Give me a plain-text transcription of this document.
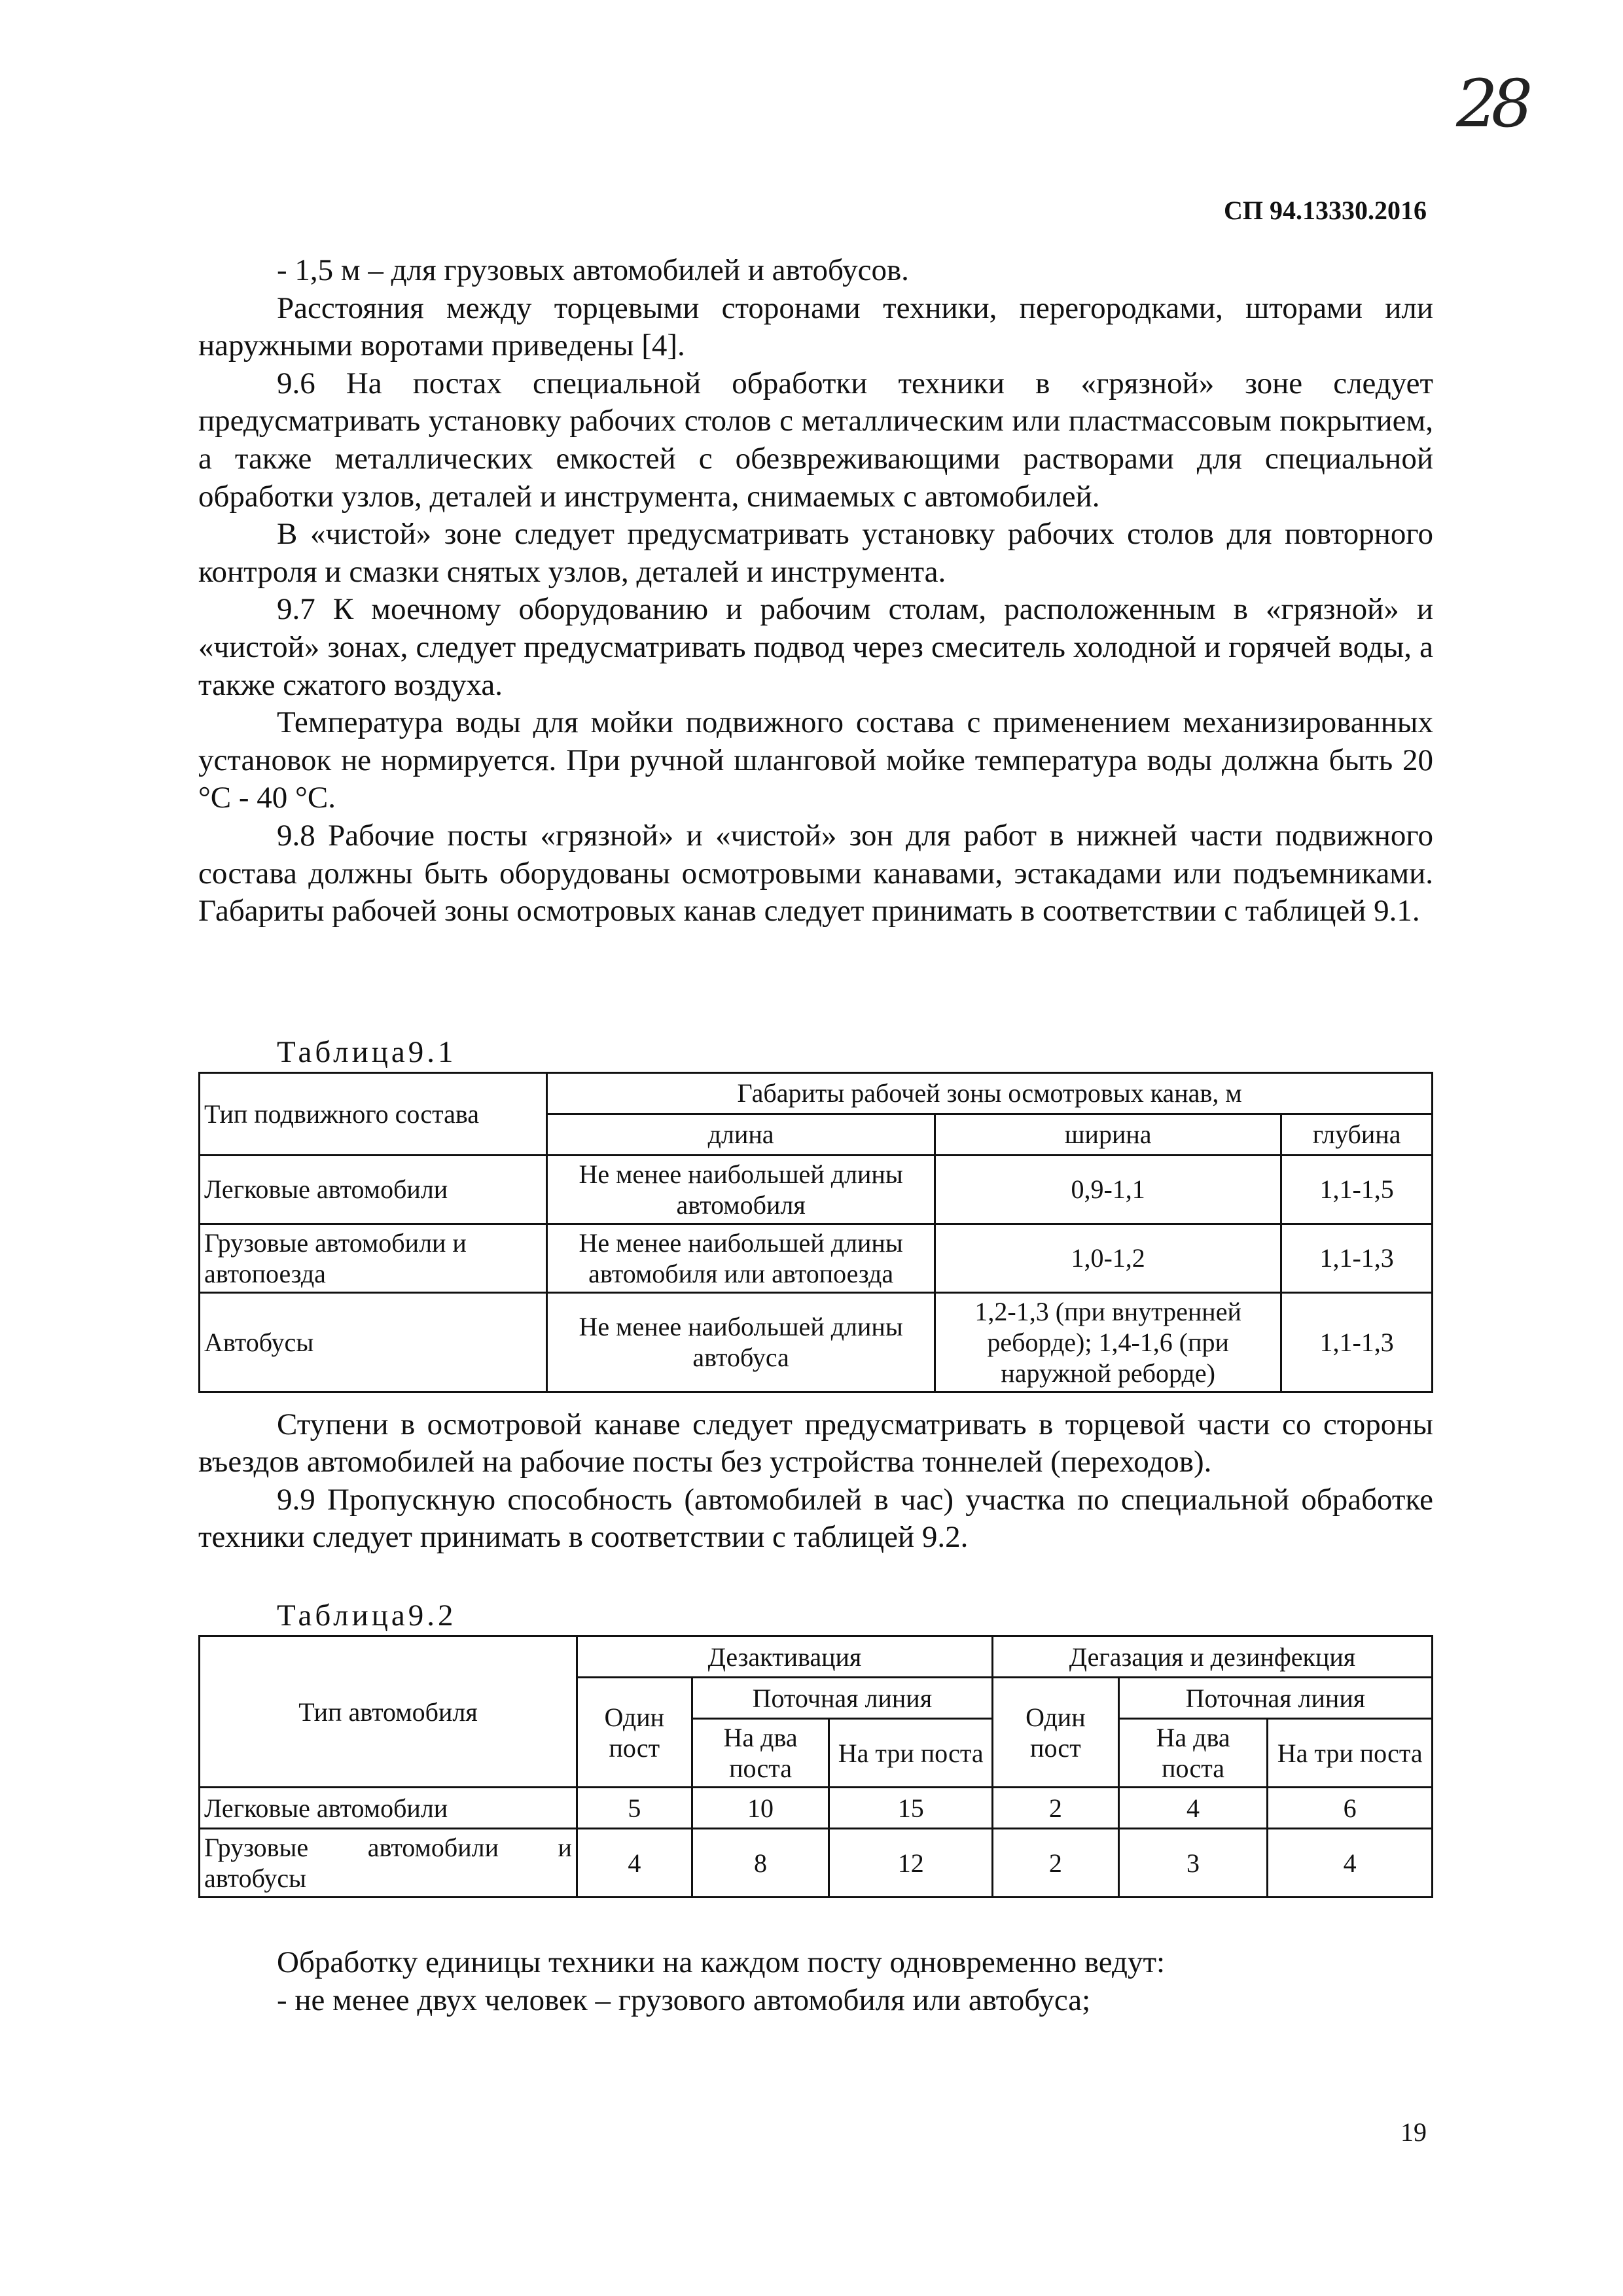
28
СП 94.13330.2016

- 1,5 м – для грузовых автомобилей и автобусов.

Расстояния между торцевыми сторонами техники, перегородками, шторами или наружными воротами приведены [4].

9.6 На постах специальной обработки техники в «грязной» зоне следует предусматривать установку рабочих столов с металлическим или пластмассовым покрытием, а также металлических емкостей с обезвреживающими растворами для специальной обработки узлов, деталей и инструмента, снимаемых с автомобилей.

В «чистой» зоне следует предусматривать установку рабочих столов для повторного контроля и смазки снятых узлов, деталей и инструмента.

9.7 К моечному оборудованию и рабочим столам, расположенным в «грязной» и «чистой» зонах, следует предусматривать подвод через смеситель холодной и горячей воды, а также сжатого воздуха.

Температура воды для мойки подвижного состава с применением механизированных установок не нормируется. При ручной шланговой мойке температура воды должна быть 20 °С - 40 °С.

9.8 Рабочие посты «грязной» и «чистой» зон для работ в нижней части подвижного состава должны быть оборудованы осмотровыми канавами, эстакадами или подъемниками. Габариты рабочей зоны осмотровых канав следует принимать в соответствии с таблицей 9.1.

Таблица9.1

Тип подвижного состава	Габариты рабочей зоны осмотровых канав, м		
	длина	ширина	глубина
Легковые автомобили	Не менее наибольшей длины автомобиля	0,9-1,1	1,1-1,5
Грузовые автомобили и автопоезда	Не менее наибольшей длины автомобиля или автопоезда	1,0-1,2	1,1-1,3
Автобусы	Не менее наибольшей длины автобуса	1,2-1,3 (при внутренней реборде); 1,4-1,6 (при наружной реборде)	1,1-1,3

Ступени в осмотровой канаве следует предусматривать в торцевой части со стороны въездов автомобилей на рабочие посты без устройства тоннелей (переходов).

9.9 Пропускную способность (автомобилей в час) участка по специальной обработке техники следует принимать в соответствии с таблицей 9.2.

Таблица9.2

Тип автомобиля	Дезактивация			Дегазация и дезинфекция		
	Один пост	Поточная линия		Один пост	Поточная линия	
		На два поста	На три поста		На два поста	На три поста
Легковые автомобили	5	10	15	2	4	6
Грузовые автомобили и автобусы	4	8	12	2	3	4

Обработку единицы техники на каждом посту одновременно ведут:

- не менее двух человек – грузового автомобиля или автобуса;

19
